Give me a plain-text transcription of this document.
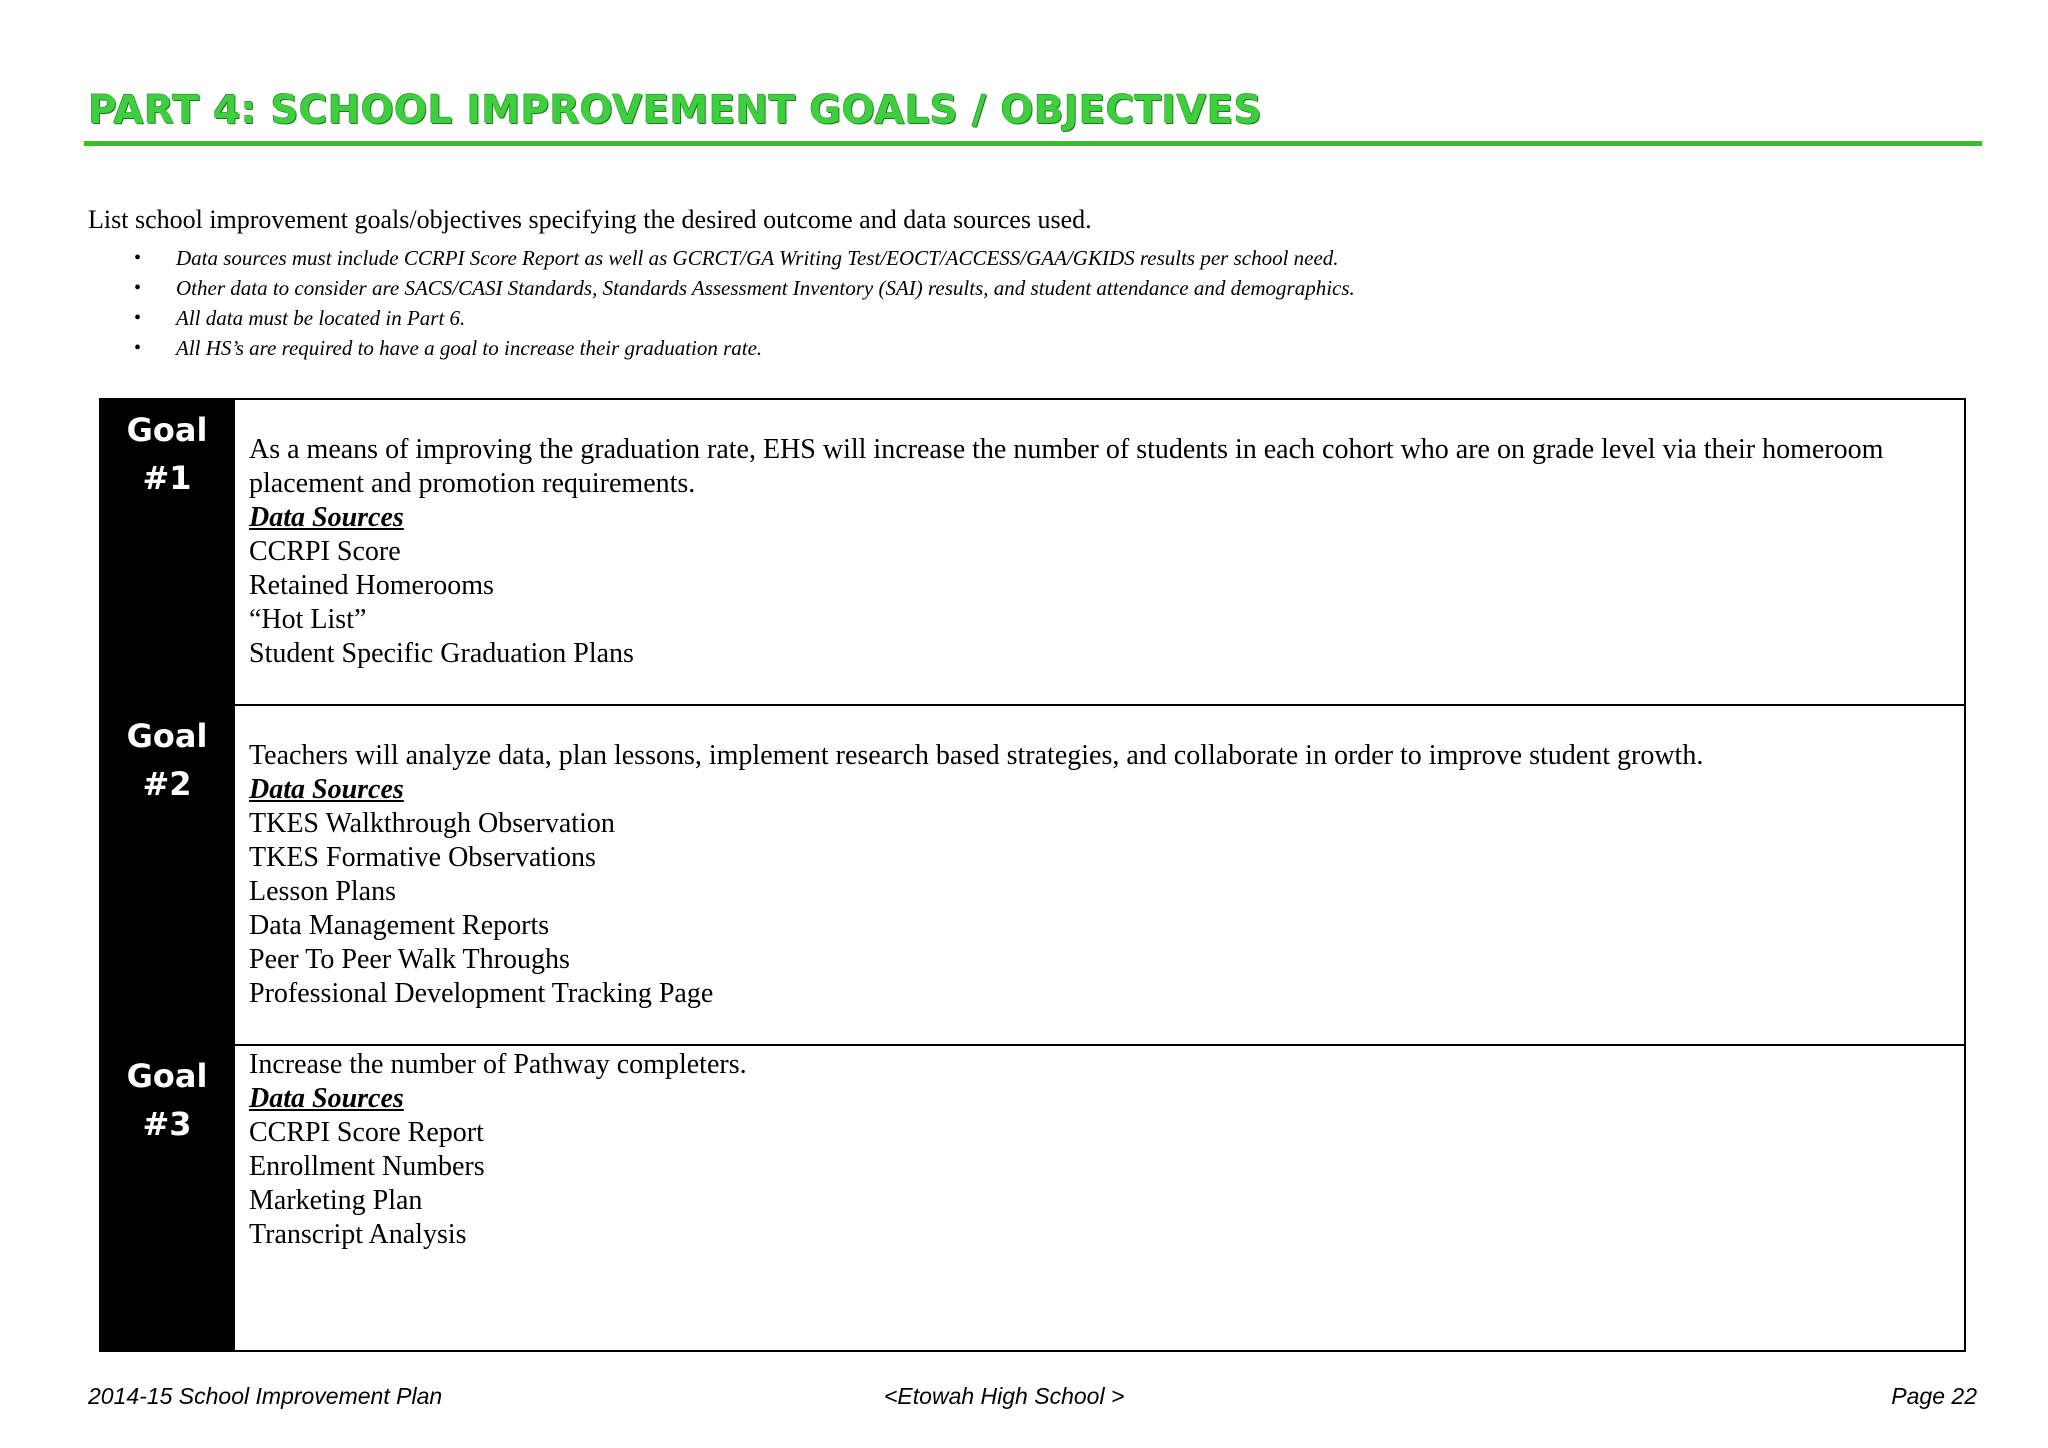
PART 4: SCHOOL IMPROVEMENT GOALS / OBJECTIVES
List school improvement goals/objectives specifying the desired outcome and data sources used.
• Data sources must include CCRPI Score Report as well as GCRCT/GA Writing Test/EOCT/ACCESS/GAA/GKIDS results per school need.
• Other data to consider are SACS/CASI Standards, Standards Assessment Inventory (SAI) results, and student attendance and demographics.
• All data must be located in Part 6.
• All HS’s are required to have a goal to increase their graduation rate.
Goal
#1
As a means of improving the graduation rate, EHS will increase the number of students in each cohort who are on grade level via their homeroom placement and promotion requirements.
Data Sources
CCRPI Score
Retained Homerooms
“Hot List”
Student Specific Graduation Plans
Goal
#2
Teachers will analyze data, plan lessons, implement research based strategies, and collaborate in order to improve student growth.
Data Sources
TKES Walkthrough Observation
TKES Formative Observations
Lesson Plans
Data Management Reports
Peer To Peer Walk Throughs
Professional Development Tracking Page
Goal
#3
Increase the number of Pathway completers.
Data Sources
CCRPI Score Report
Enrollment Numbers
Marketing Plan
Transcript Analysis
2014-15 School Improvement Plan	<Etowah High School >	Page 22
